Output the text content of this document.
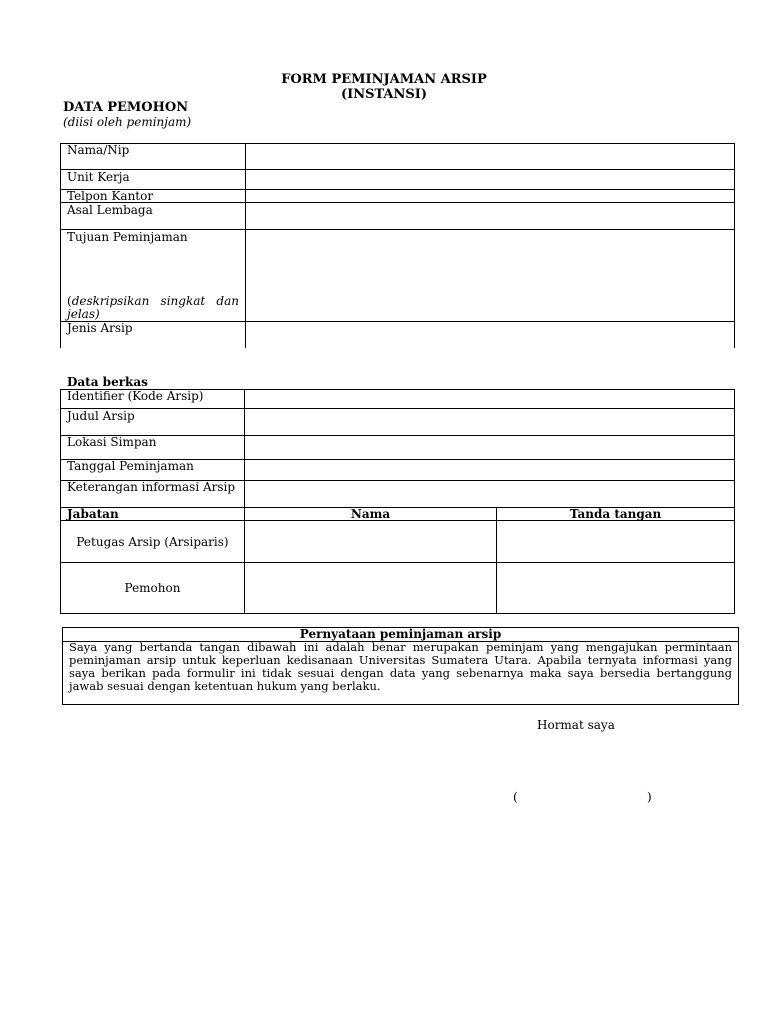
FORM PEMINJAMAN ARSIP
(INSTANSI)
DATA PEMOHON
(diisi oleh peminjam)
Nama/Nip
Unit Kerja
Telpon Kantor
Asal Lembaga
Tujuan Peminjaman
(deskripsikan singkat dan
jelas)
Jenis Arsip
Data berkas
Identifier (Kode Arsip)
Judul Arsip
Lokasi Simpan
Tanggal Peminjaman
Keterangan informasi Arsip
Jabatan	Nama	Tanda tangan
Petugas Arsip (Arsiparis)
Pemohon
Pernyataan peminjaman arsip
Saya yang bertanda tangan dibawah ini adalah benar merupakan peminjam yang mengajukan permintaan
peminjaman arsip untuk keperluan kedisanaan Universitas Sumatera Utara. Apabila ternyata informasi yang
saya berikan pada formulir ini tidak sesuai dengan data yang sebenarnya maka saya bersedia bertanggung
jawab sesuai dengan ketentuan hukum yang berlaku.
Hormat saya
(	)
